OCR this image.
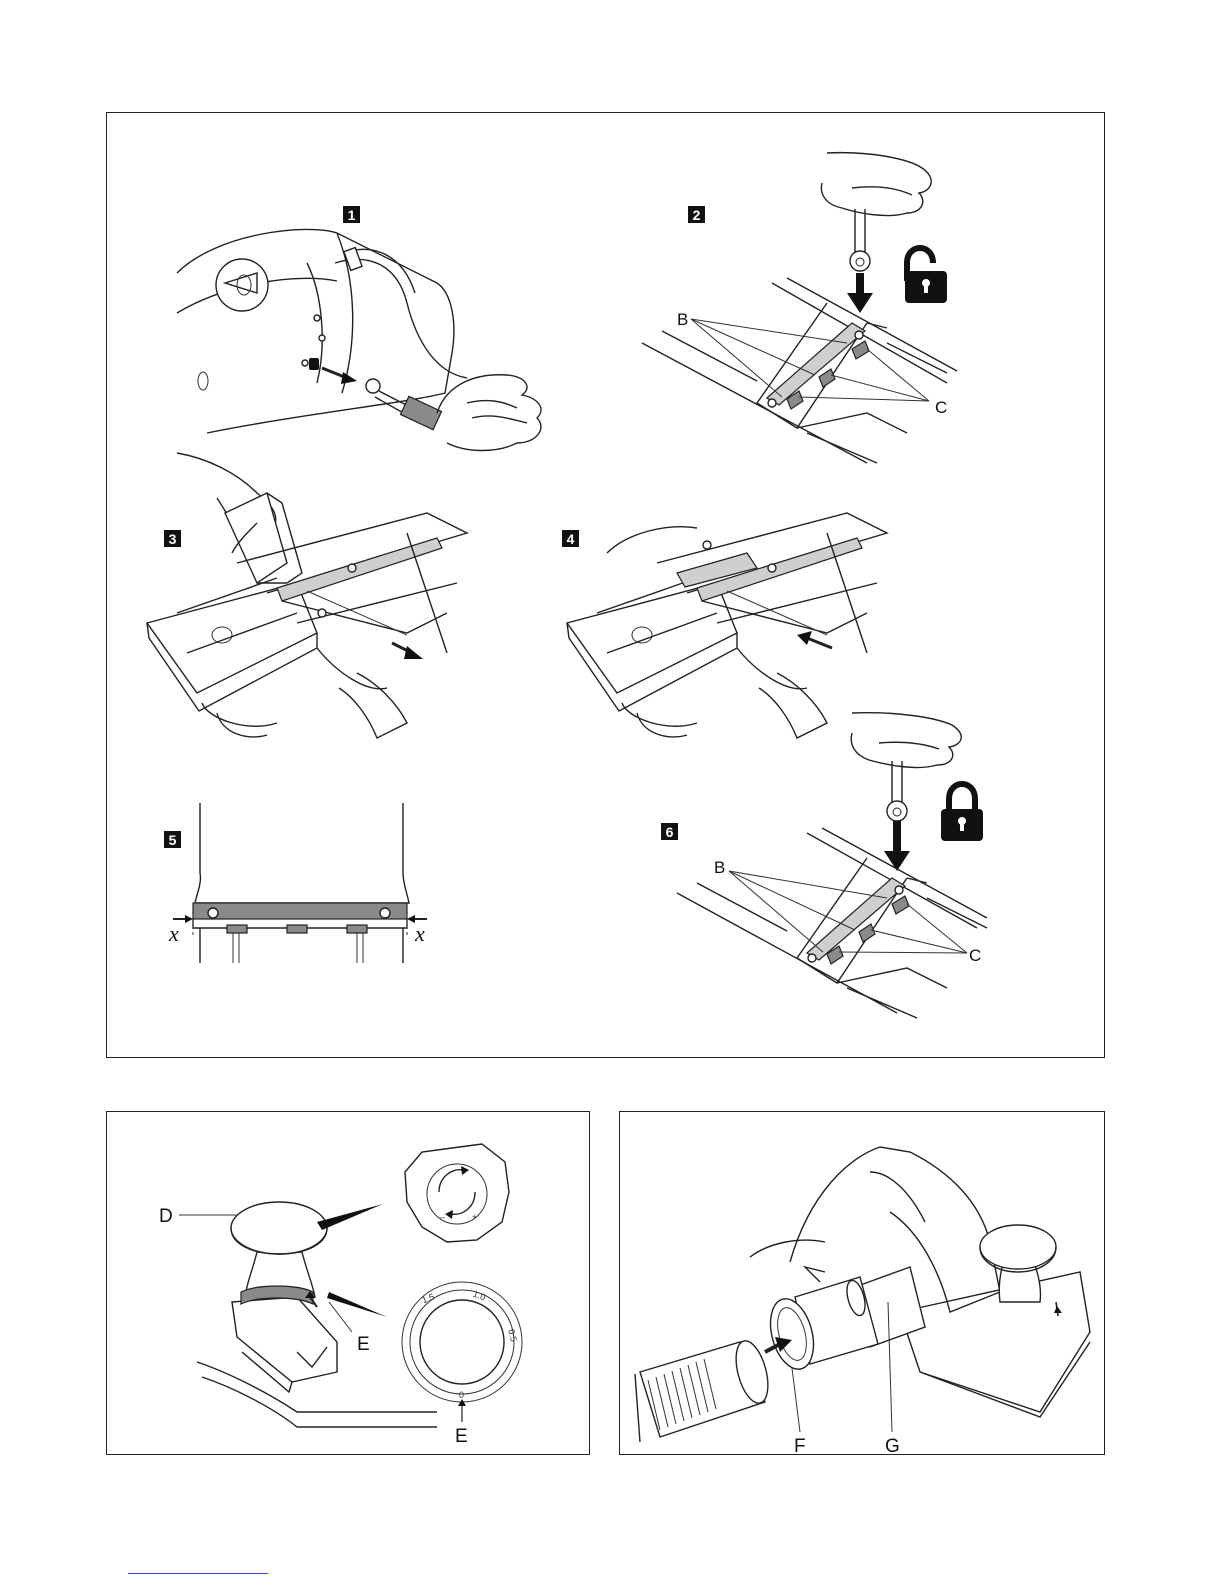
1	2
B
C
3	4
5
x	x
6
B
C
D
E
–	+
1.5	1.0
0.5
0
E	F	G
